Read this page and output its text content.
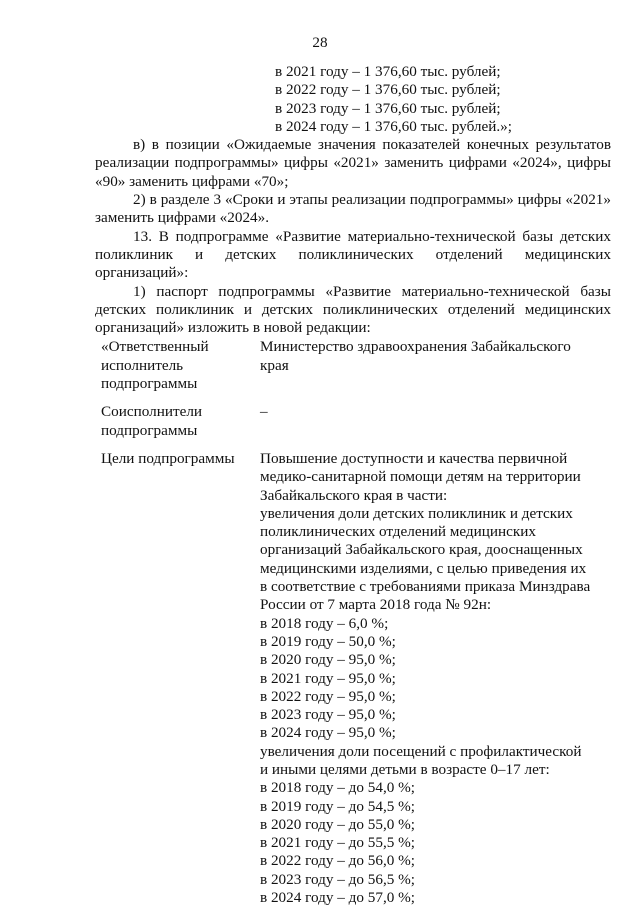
28
в 2021 году – 1 376,60 тыс. рублей;
в 2022 году – 1 376,60 тыс. рублей;
в 2023 году – 1 376,60 тыс. рублей;
в 2024 году – 1 376,60 тыс. рублей.»;

в) в позиции «Ожидаемые значения показателей конечных результатов реализации подпрограммы» цифры «2021» заменить цифрами «2024», цифры «90» заменить цифрами «70»;

2) в разделе 3 «Сроки и этапы реализации подпрограммы» цифры «2021» заменить цифрами «2024».

13. В подпрограмме «Развитие материально-технической базы детских поликлиник и детских поликлинических отделений медицинских организаций»:

1) паспорт подпрограммы «Развитие материально-технической базы детских поликлиник и детских поликлинических отделений медицинских организаций» изложить в новой редакции:

«Ответственный
исполнитель
подпрограммы
Министерство здравоохранения Забайкальского
края
Соисполнители
подпрограммы
–
Цели подпрограммы	Повышение доступности и качества первичной
медико-санитарной помощи детям на территории
Забайкальского края в части:
увеличения доли детских поликлиник и детских
поликлинических отделений медицинских
организаций Забайкальского края, дооснащенных
медицинскими изделиями, с целью приведения их
в соответствие с требованиями приказа Минздрава
России от 7 марта 2018 года № 92н:
в 2018 году – 6,0 %;
в 2019 году – 50,0 %;
в 2020 году – 95,0 %;
в 2021 году – 95,0 %;
в 2022 году – 95,0 %;
в 2023 году – 95,0 %;
в 2024 году – 95,0 %;
увеличения доли посещений с профилактической
и иными целями детьми в возрасте 0–17 лет:
в 2018 году – до 54,0 %;
в 2019 году – до 54,5 %;
в 2020 году – до 55,0 %;
в 2021 году – до 55,5 %;
в 2022 году – до 56,0 %;
в 2023 году – до 56,5 %;
в 2024 году – до 57,0 %;
